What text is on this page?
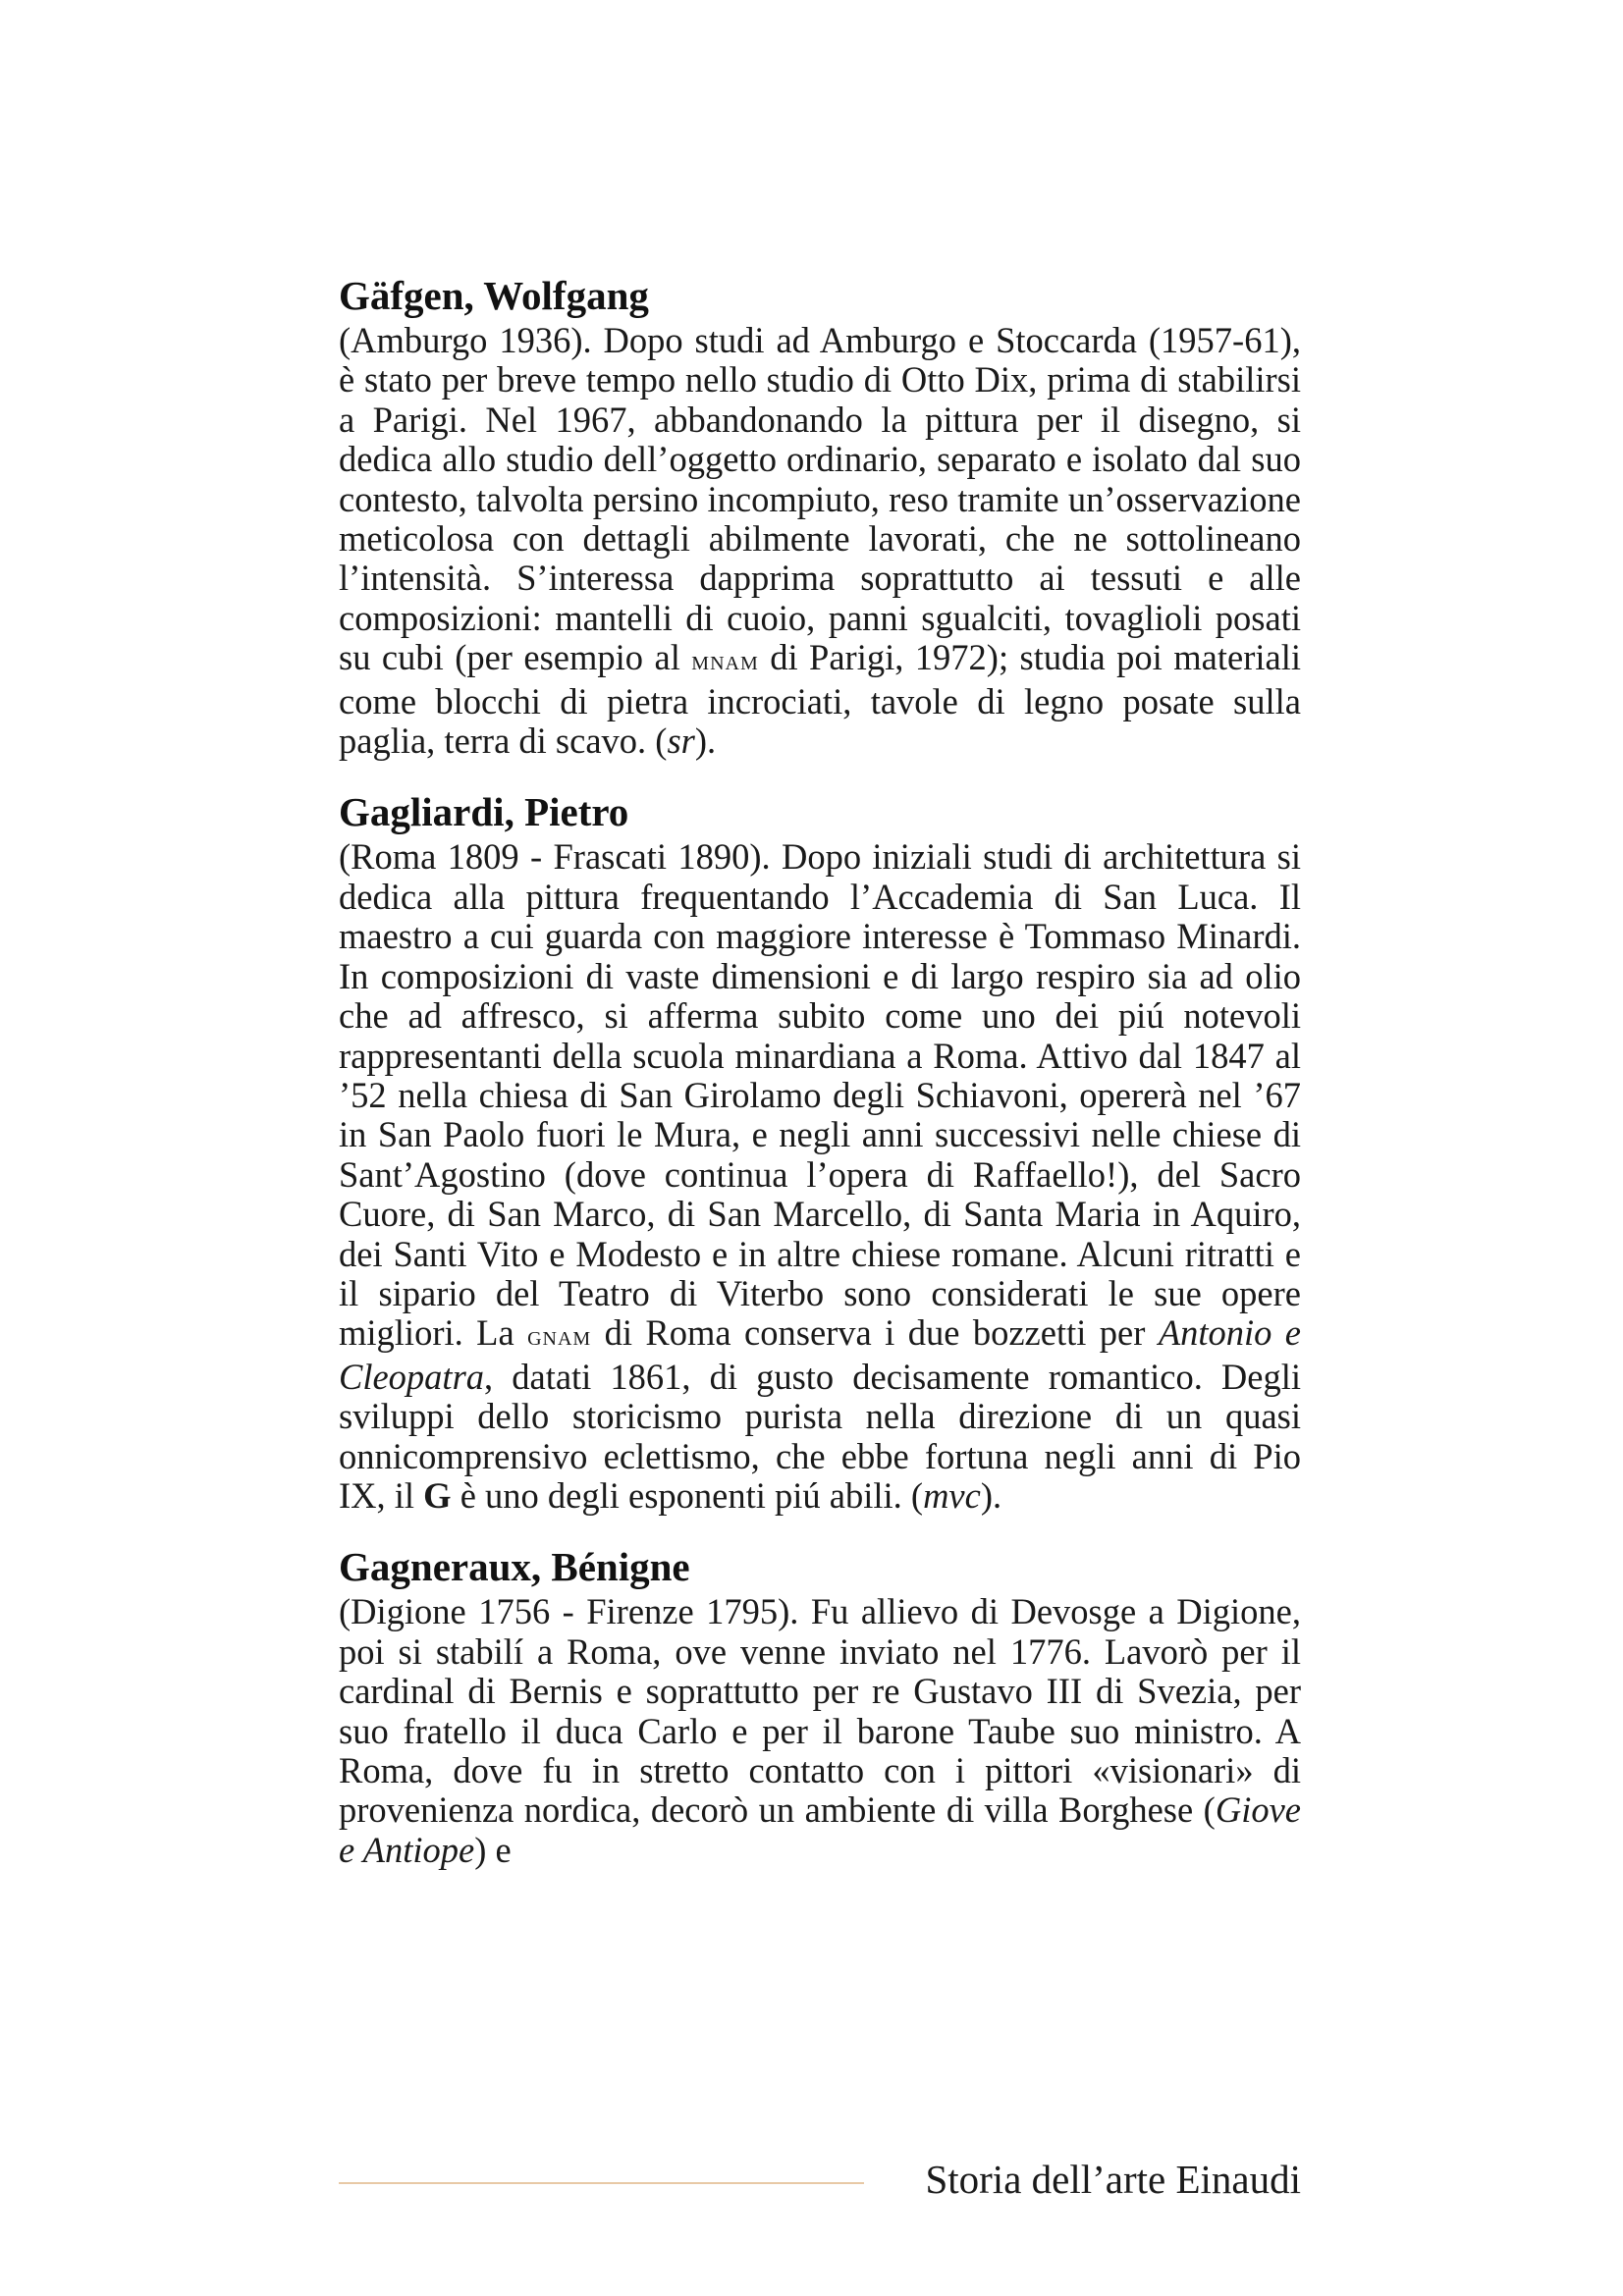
Gäfgen, Wolfgang

(Amburgo 1936). Dopo studi ad Amburgo e Stoccarda (1957-61), è stato per breve tempo nello studio di Otto Dix, prima di stabilirsi a Parigi. Nel 1967, abbandonando la pittura per il disegno, si dedica allo studio dell’oggetto ordinario, separato e isolato dal suo contesto, talvolta persino incompiuto, reso tramite un’osservazione meticolosa con dettagli abilmente lavorati, che ne sottolineano l’intensità. S’interessa dapprima soprattutto ai tessuti e alle composizioni: mantelli di cuoio, panni sgualciti, tovaglioli posati su cubi (per esempio al mnam di Parigi, 1972); studia poi materiali come blocchi di pietra incrociati, tavole di legno posate sulla paglia, terra di scavo. (sr).

Gagliardi, Pietro

(Roma 1809 - Frascati 1890). Dopo iniziali studi di architettura si dedica alla pittura frequentando l’Accademia di San Luca. Il maestro a cui guarda con maggiore interesse è Tommaso Minardi. In composizioni di vaste dimensioni e di largo respiro sia ad olio che ad affresco, si afferma subito come uno dei piú notevoli rappresentanti della scuola minardiana a Roma. Attivo dal 1847 al ’52 nella chiesa di San Girolamo degli Schiavoni, opererà nel ’67 in San Paolo fuori le Mura, e negli anni successivi nelle chiese di Sant’Agostino (dove continua l’opera di Raffaello!), del Sacro Cuore, di San Marco, di San Marcello, di Santa Maria in Aquiro, dei Santi Vito e Modesto e in altre chiese romane. Alcuni ritratti e il sipario del Teatro di Viterbo sono considerati le sue opere migliori. La gnam di Roma conserva i due bozzetti per Antonio e Cleopatra, datati 1861, di gusto decisamente romantico. Degli sviluppi dello storicismo purista nella direzione di un quasi onnicomprensivo eclettismo, che ebbe fortuna negli anni di Pio IX, il G è uno degli esponenti piú abili. (mvc).

Gagneraux, Bénigne

(Digione 1756 - Firenze 1795). Fu allievo di Devosge a Digione, poi si stabilí a Roma, ove venne inviato nel 1776. Lavorò per il cardinal di Bernis e soprattutto per re Gustavo III di Svezia, per suo fratello il duca Carlo e per il barone Taube suo ministro. A Roma, dove fu in stretto contatto con i pittori «visionari» di provenienza nordica, decorò un ambiente di villa Borghese (Giove e Antiope) e

Storia dell’arte Einaudi
